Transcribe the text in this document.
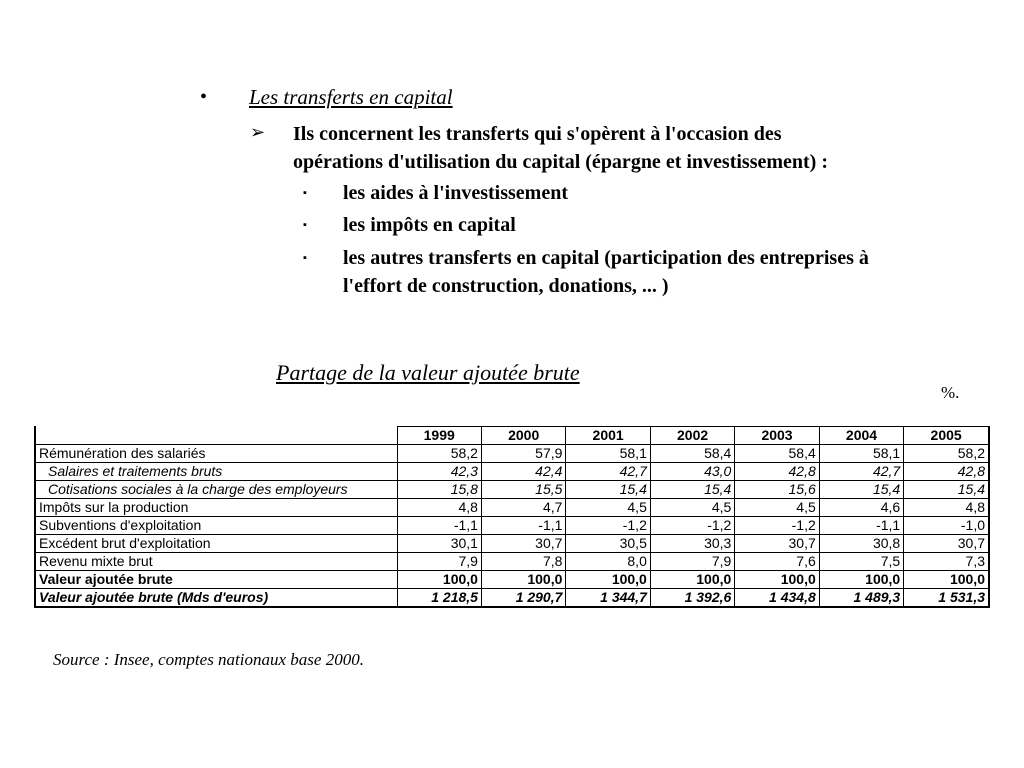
• Les transferts en capital
➢ Ils concernent les transferts qui s'opèrent à l'occasion des
opérations d'utilisation du capital (épargne et investissement) :
▪ les aides à l'investissement
▪ les impôts en capital
▪ les autres transferts en capital (participation des entreprises à
l'effort de construction, donations, ... )
Partage de la valeur ajoutée brute
%.
	1999	2000	2001	2002	2003	2004	2005
Rémunération des salariés	58,2	57,9	58,1	58,4	58,4	58,1	58,2
Salaires et traitements bruts	42,3	42,4	42,7	43,0	42,8	42,7	42,8
Cotisations sociales à la charge des employeurs	15,8	15,5	15,4	15,4	15,6	15,4	15,4
Impôts sur la production	4,8	4,7	4,5	4,5	4,5	4,6	4,8
Subventions d'exploitation	-1,1	-1,1	-1,2	-1,2	-1,2	-1,1	-1,0
Excédent brut d'exploitation	30,1	30,7	30,5	30,3	30,7	30,8	30,7
Revenu mixte brut	7,9	7,8	8,0	7,9	7,6	7,5	7,3
Valeur ajoutée brute	100,0	100,0	100,0	100,0	100,0	100,0	100,0
Valeur ajoutée brute (Mds d'euros)	1 218,5	1 290,7	1 344,7	1 392,6	1 434,8	1 489,3	1 531,3
Source : Insee, comptes nationaux base 2000.
